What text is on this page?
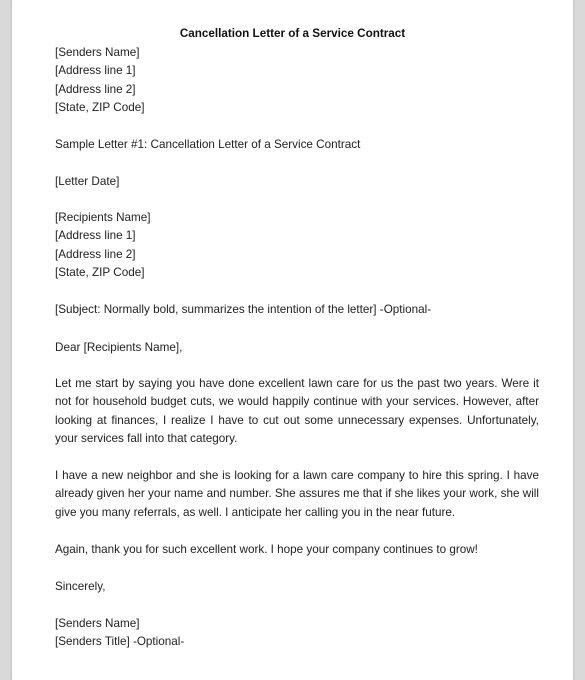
Cancellation Letter of a Service Contract
[Senders Name]
[Address line 1]
[Address line 2]
[State, ZIP Code]
Sample Letter #1: Cancellation Letter of a Service Contract
[Letter Date]
[Recipients Name]
[Address line 1]
[Address line 2]
[State, ZIP Code]
[Subject: Normally bold, summarizes the intention of the letter] -Optional-
Dear [Recipients Name],
Let me start by saying you have done excellent lawn care for us the past two years. Were it not for household budget cuts, we would happily continue with your services. However, after looking at finances, I realize I have to cut out some unnecessary expenses. Unfortunately, your services fall into that category.
I have a new neighbor and she is looking for a lawn care company to hire this spring. I have already given her your name and number. She assures me that if she likes your work, she will give you many referrals, as well. I anticipate her calling you in the near future.
Again, thank you for such excellent work. I hope your company continues to grow!
Sincerely,
[Senders Name]
[Senders Title] -Optional-
